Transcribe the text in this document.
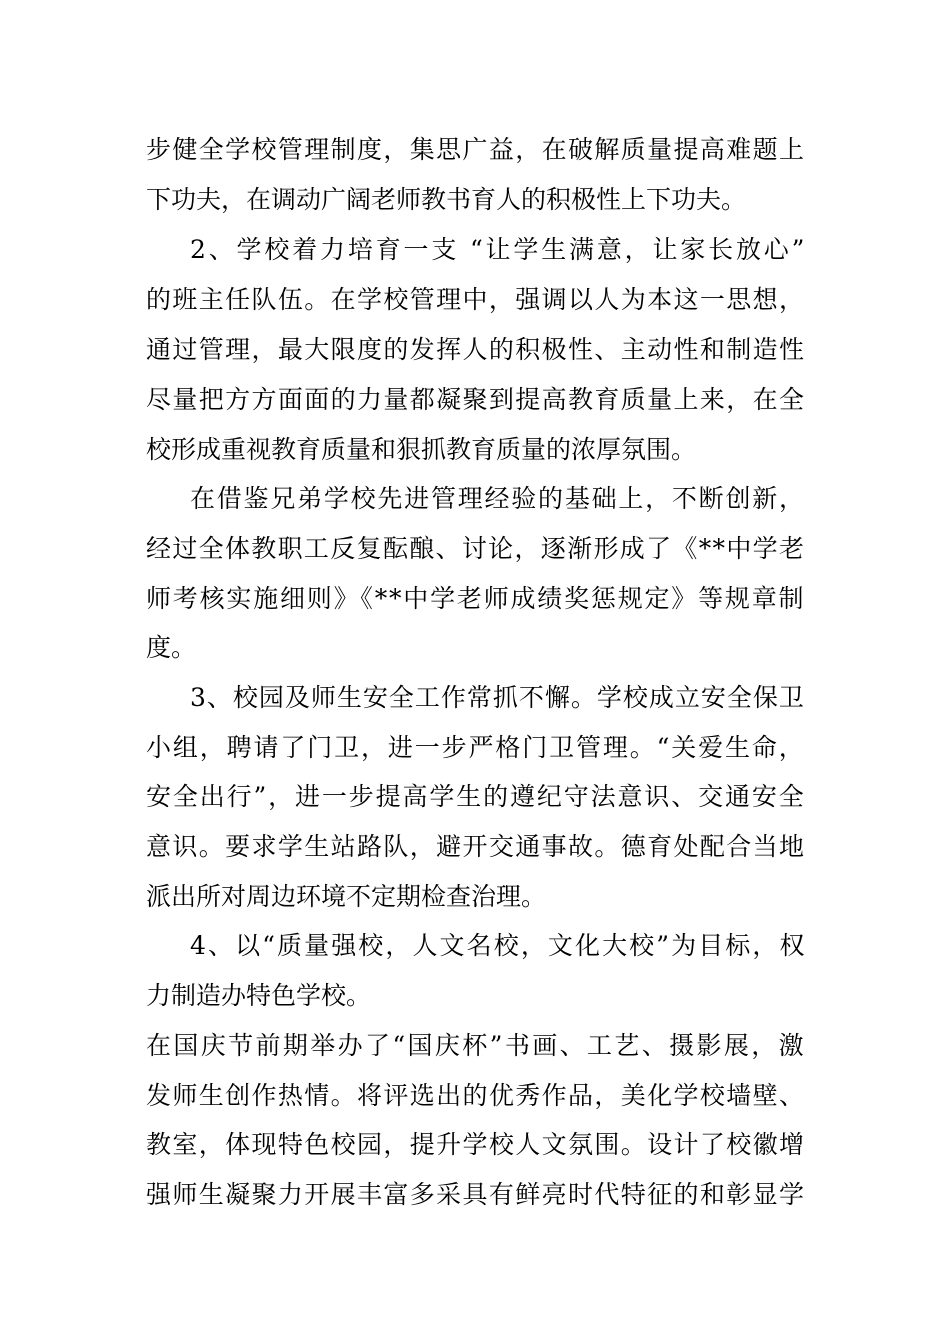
步健全学校管理制度，集思广益，在破解质量提高难题上
下功夫，在调动广阔老师教书育人的积极性上下功夫。
2、学校着力培育一支 “让学生满意，让家长放心”
的班主任队伍。在学校管理中，强调以人为本这一思想，
通过管理，最大限度的发挥人的积极性、主动性和制造性
尽量把方方面面的力量都凝聚到提高教育质量上来，在全
校形成重视教育质量和狠抓教育质量的浓厚氛围。
在借鉴兄弟学校先进管理经验的基础上，不断创新，
经过全体教职工反复酝酿、讨论，逐渐形成了《**中学老
师考核实施细则》《**中学老师成绩奖惩规定》等规章制
度。
3、校园及师生安全工作常抓不懈。学校成立安全保卫
小组，聘请了门卫，进一步严格门卫管理。“关爱生命，
安全出行”，进一步提高学生的遵纪守法意识、交通安全
意识。要求学生站路队，避开交通事故。德育处配合当地
派出所对周边环境不定期检查治理。
4、以“质量强校，人文名校，文化大校”为目标，权
力制造办特色学校。
在国庆节前期举办了“国庆杯”书画、工艺、摄影展，激
发师生创作热情。将评选出的优秀作品，美化学校墙壁、
教室，体现特色校园，提升学校人文氛围。设计了校徽增
强师生凝聚力开展丰富多采具有鲜亮时代特征的和彰显学
